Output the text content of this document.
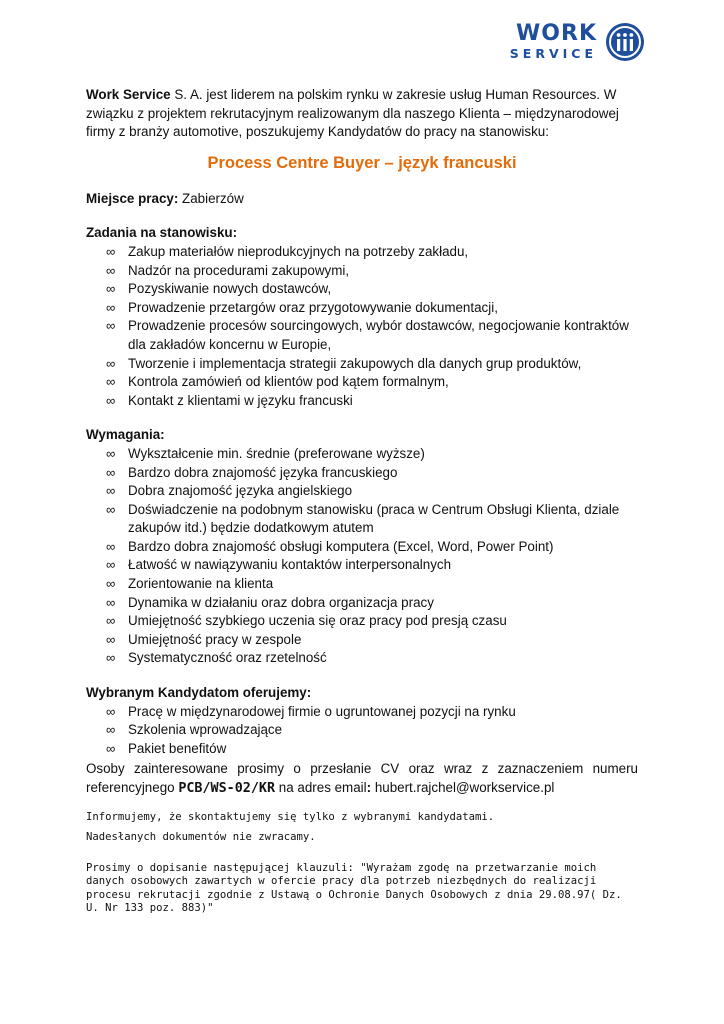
WORK
SERVICE

Work Service S. A. jest liderem na polskim rynku w zakresie usług Human Resources. W związku z projektem rekrutacyjnym realizowanym dla naszego Klienta – międzynarodowej firmy z branży automotive, poszukujemy Kandydatów do pracy na stanowisku:

Process Centre Buyer – język francuski

Miejsce pracy: Zabierzów

Zadania na stanowisku:

∞ Zakup materiałów nieprodukcyjnych na potrzeby zakładu,
∞ Nadzór na procedurami zakupowymi,
∞ Pozyskiwanie nowych dostawców,
∞ Prowadzenie przetargów oraz przygotowywanie dokumentacji,
∞ Prowadzenie procesów sourcingowych, wybór dostawców, negocjowanie kontraktów dla zakładów koncernu w Europie,
∞ Tworzenie i implementacja strategii zakupowych dla danych grup produktów,
∞ Kontrola zamówień od klientów pod kątem formalnym,
∞ Kontakt z klientami w języku francuski

Wymagania:

∞ Wykształcenie min. średnie (preferowane wyższe)
∞ Bardzo dobra znajomość języka francuskiego
∞ Dobra znajomość języka angielskiego
∞ Doświadczenie na podobnym stanowisku (praca w Centrum Obsługi Klienta, dziale zakupów itd.) będzie dodatkowym atutem
∞ Bardzo dobra znajomość obsługi komputera (Excel, Word, Power Point)
∞ Łatwość w nawiązywaniu kontaktów interpersonalnych
∞ Zorientowanie na klienta
∞ Dynamika w działaniu oraz dobra organizacja pracy
∞ Umiejętność szybkiego uczenia się oraz pracy pod presją czasu
∞ Umiejętność pracy w zespole
∞ Systematyczność oraz rzetelność

Wybranym Kandydatom oferujemy:

∞ Pracę w międzynarodowej firmie o ugruntowanej pozycji na rynku
∞ Szkolenia wprowadzające
∞ Pakiet benefitów

Osoby zainteresowane prosimy o przesłanie CV oraz wraz z zaznaczeniem numeru referencyjnego PCB/WS-02/KR na adres email: hubert.rajchel@workservice.pl

Informujemy, że skontaktujemy się tylko z wybranymi kandydatami.

Nadesłanych dokumentów nie zwracamy.

Prosimy o dopisanie następującej klauzuli: "Wyrażam zgodę na przetwarzanie moich danych osobowych zawartych w ofercie pracy dla potrzeb niezbędnych do realizacji procesu rekrutacji zgodnie z Ustawą o Ochronie Danych Osobowych z dnia 29.08.97( Dz. U. Nr 133 poz. 883)"
